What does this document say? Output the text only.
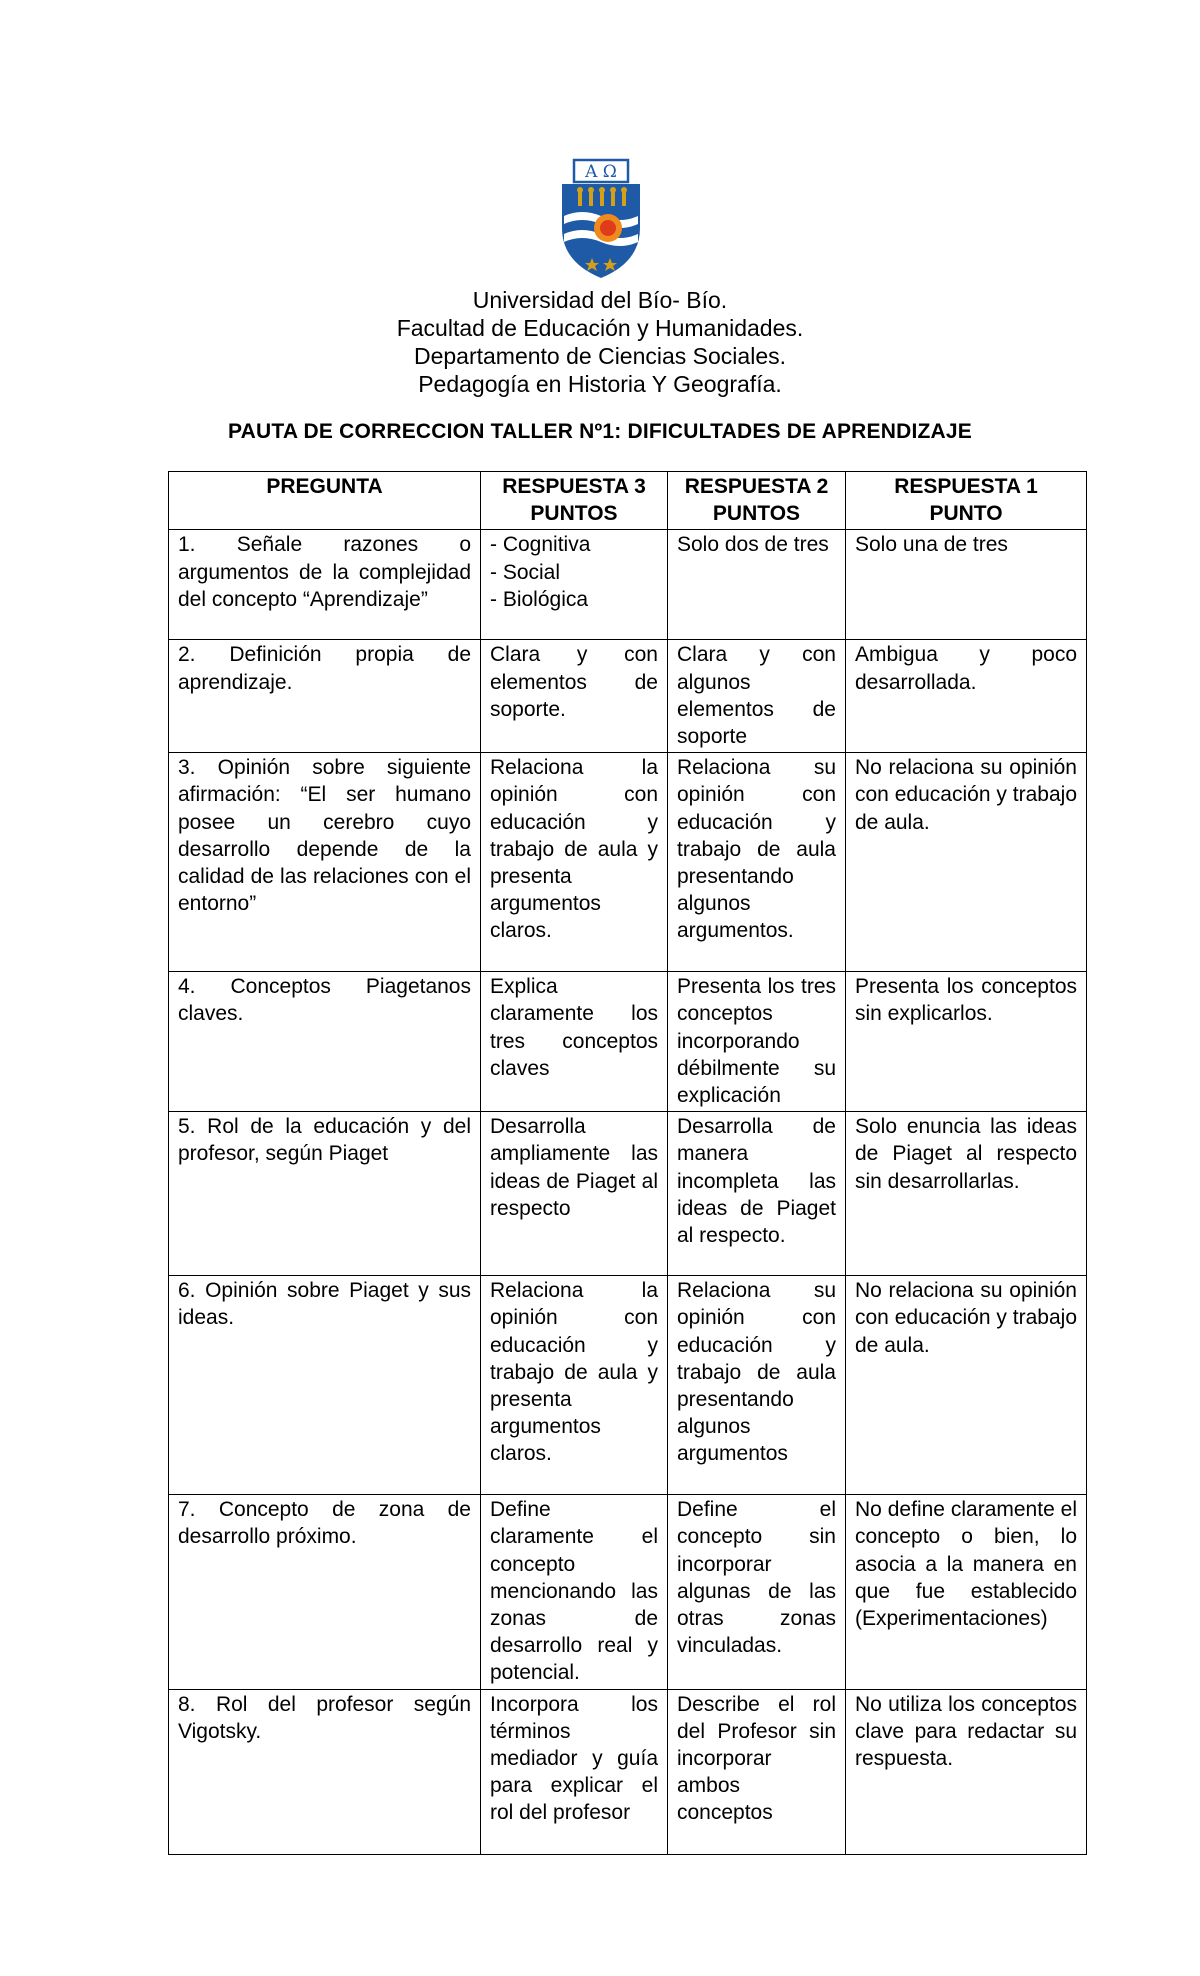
A Ω
Universidad del Bío- Bío.
Facultad de Educación y Humanidades.
Departamento de Ciencias Sociales.
Pedagogía en Historia Y Geografía.
PAUTA DE CORRECCION TALLER Nº1: DIFICULTADES DE APRENDIZAJE
PREGUNTA	RESPUESTA 3 PUNTOS	RESPUESTA 2 PUNTOS	RESPUESTA 1 PUNTO
1. Señale razones o argumentos de la complejidad del concepto “Aprendizaje”	- Cognitiva
- Social
- Biológica	Solo dos de tres	Solo una de tres
2. Definición propia de aprendizaje.	Clara y con elementos de soporte.	Clara y con algunos elementos de soporte	Ambigua y poco desarrollada.
3. Opinión sobre siguiente afirmación: “El ser humano posee un cerebro cuyo desarrollo depende de la calidad de las relaciones con el entorno”	Relaciona la opinión con educación y trabajo de aula y presenta argumentos claros.	Relaciona su opinión con educación y trabajo de aula presentando algunos argumentos.	No relaciona su opinión con educación y trabajo de aula.
4. Conceptos Piagetanos claves.	Explica claramente los tres conceptos claves	Presenta los tres conceptos incorporando débilmente su explicación	Presenta los conceptos sin explicarlos.
5. Rol de la educación y del profesor, según Piaget	Desarrolla ampliamente las ideas de Piaget al respecto	Desarrolla de manera incompleta las ideas de Piaget al respecto.	Solo enuncia las ideas de Piaget al respecto sin desarrollarlas.
6. Opinión sobre Piaget y sus ideas.	Relaciona la opinión con educación y trabajo de aula y presenta argumentos claros.	Relaciona su opinión con educación y trabajo de aula presentando algunos argumentos	No relaciona su opinión con educación y trabajo de aula.
7. Concepto de zona de desarrollo próximo.	Define claramente el concepto mencionando las zonas de desarrollo real y potencial.	Define el concepto sin incorporar algunas de las otras zonas vinculadas.	No define claramente el concepto o bien, lo asocia a la manera en que fue establecido (Experimentaciones)
8. Rol del profesor según Vigotsky.	Incorpora los términos mediador y guía para explicar el rol del profesor	Describe el rol del Profesor sin incorporar ambos conceptos	No utiliza los conceptos clave para redactar su respuesta.
